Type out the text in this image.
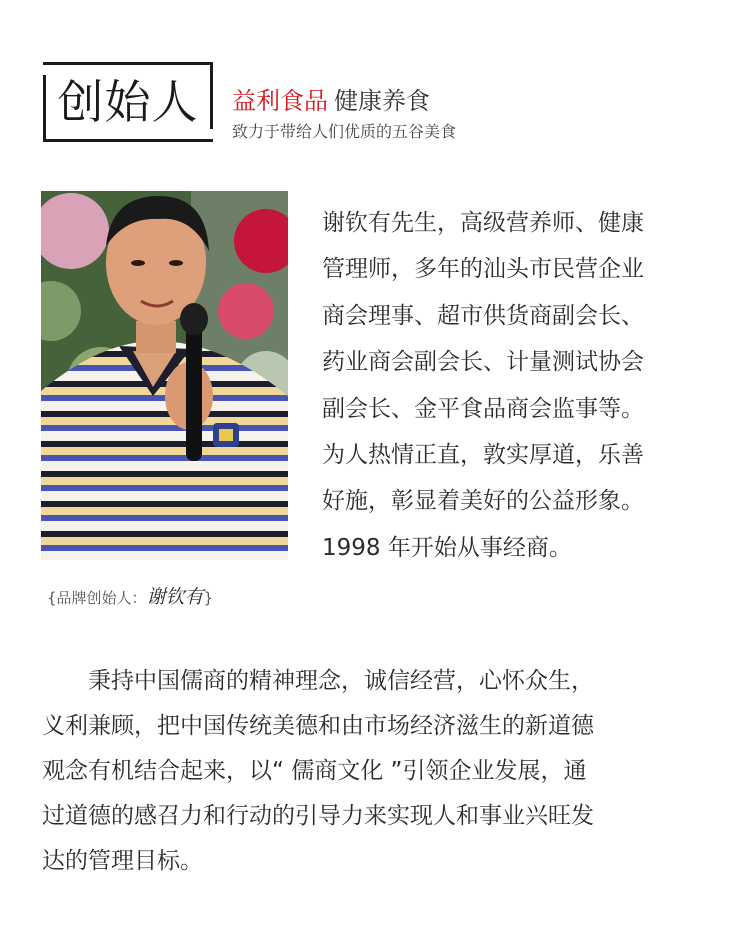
创始人	益利食品 健康养食
致力于带给人们优质的五谷美食
{品牌创始人：谢钦有}

谢钦有先生，高级营养师、健康

管理师，多年的汕头市民营企业

商会理事、超市供货商副会长、

药业商会副会长、计量测试协会

副会长、金平食品商会监事等。

为人热情正直，敦实厚道，乐善

好施，彰显着美好的公益形象。

1998 年开始从事经商。

　　秉持中国儒商的精神理念，诚信经营，心怀众生，

义利兼顾，把中国传统美德和由市场经济滋生的新道德

观念有机结合起来，以“ 儒商文化 ”引领企业发展，通

过道德的感召力和行动的引导力来实现人和事业兴旺发

达的管理目标。
